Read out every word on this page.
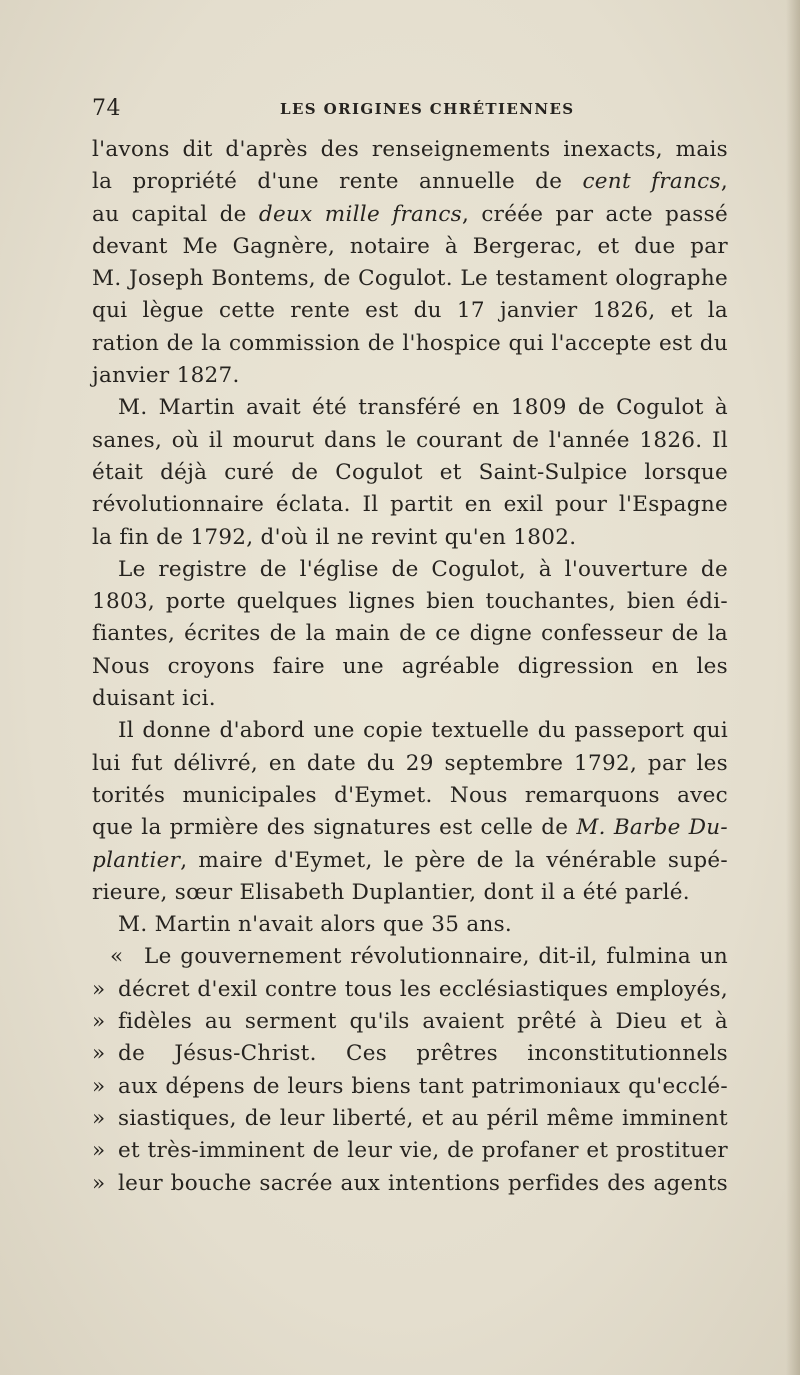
74	LES ORIGINES CHRÉTIENNES
l'avons dit d'après des renseignements inexacts, mais
la propriété d'une rente annuelle de cent francs,
au capital de deux mille francs, créée par acte passé
devant Me Gagnère, notaire à Bergerac, et due par
M. Joseph Bontems, de Cogulot. Le testament olographe
qui lègue cette rente est du 17 janvier 1826, et la
ration de la commission de l'hospice qui l'accepte est du
janvier 1827.
M. Martin avait été transféré en 1809 de Cogulot à
sanes, où il mourut dans le courant de l'année 1826. Il
était déjà curé de Cogulot et Saint-Sulpice lorsque
révolutionnaire éclata. Il partit en exil pour l'Espagne
la fin de 1792, d'où il ne revint qu'en 1802.
Le registre de l'église de Cogulot, à l'ouverture de
1803, porte quelques lignes bien touchantes, bien édi-
fiantes, écrites de la main de ce digne confesseur de la
Nous croyons faire une agréable digression en les
duisant ici.
Il donne d'abord une copie textuelle du passeport qui
lui fut délivré, en date du 29 septembre 1792, par les
torités municipales d'Eymet. Nous remarquons avec
que la prmière des signatures est celle de M. Barbe Du-
plantier, maire d'Eymet, le père de la vénérable supé-
rieure, sœur Elisabeth Duplantier, dont il a été parlé.
M. Martin n'avait alors que 35 ans.
« Le gouvernement révolutionnaire, dit-il, fulmina un
» décret d'exil contre tous les ecclésiastiques employés,
» fidèles au serment qu'ils avaient prêté à Dieu et à
» de Jésus-Christ. Ces prêtres inconstitutionnels
» aux dépens de leurs biens tant patrimoniaux qu'ecclé-
» siastiques, de leur liberté, et au péril même imminent
» et très-imminent de leur vie, de profaner et prostituer
» leur bouche sacrée aux intentions perfides des agents
